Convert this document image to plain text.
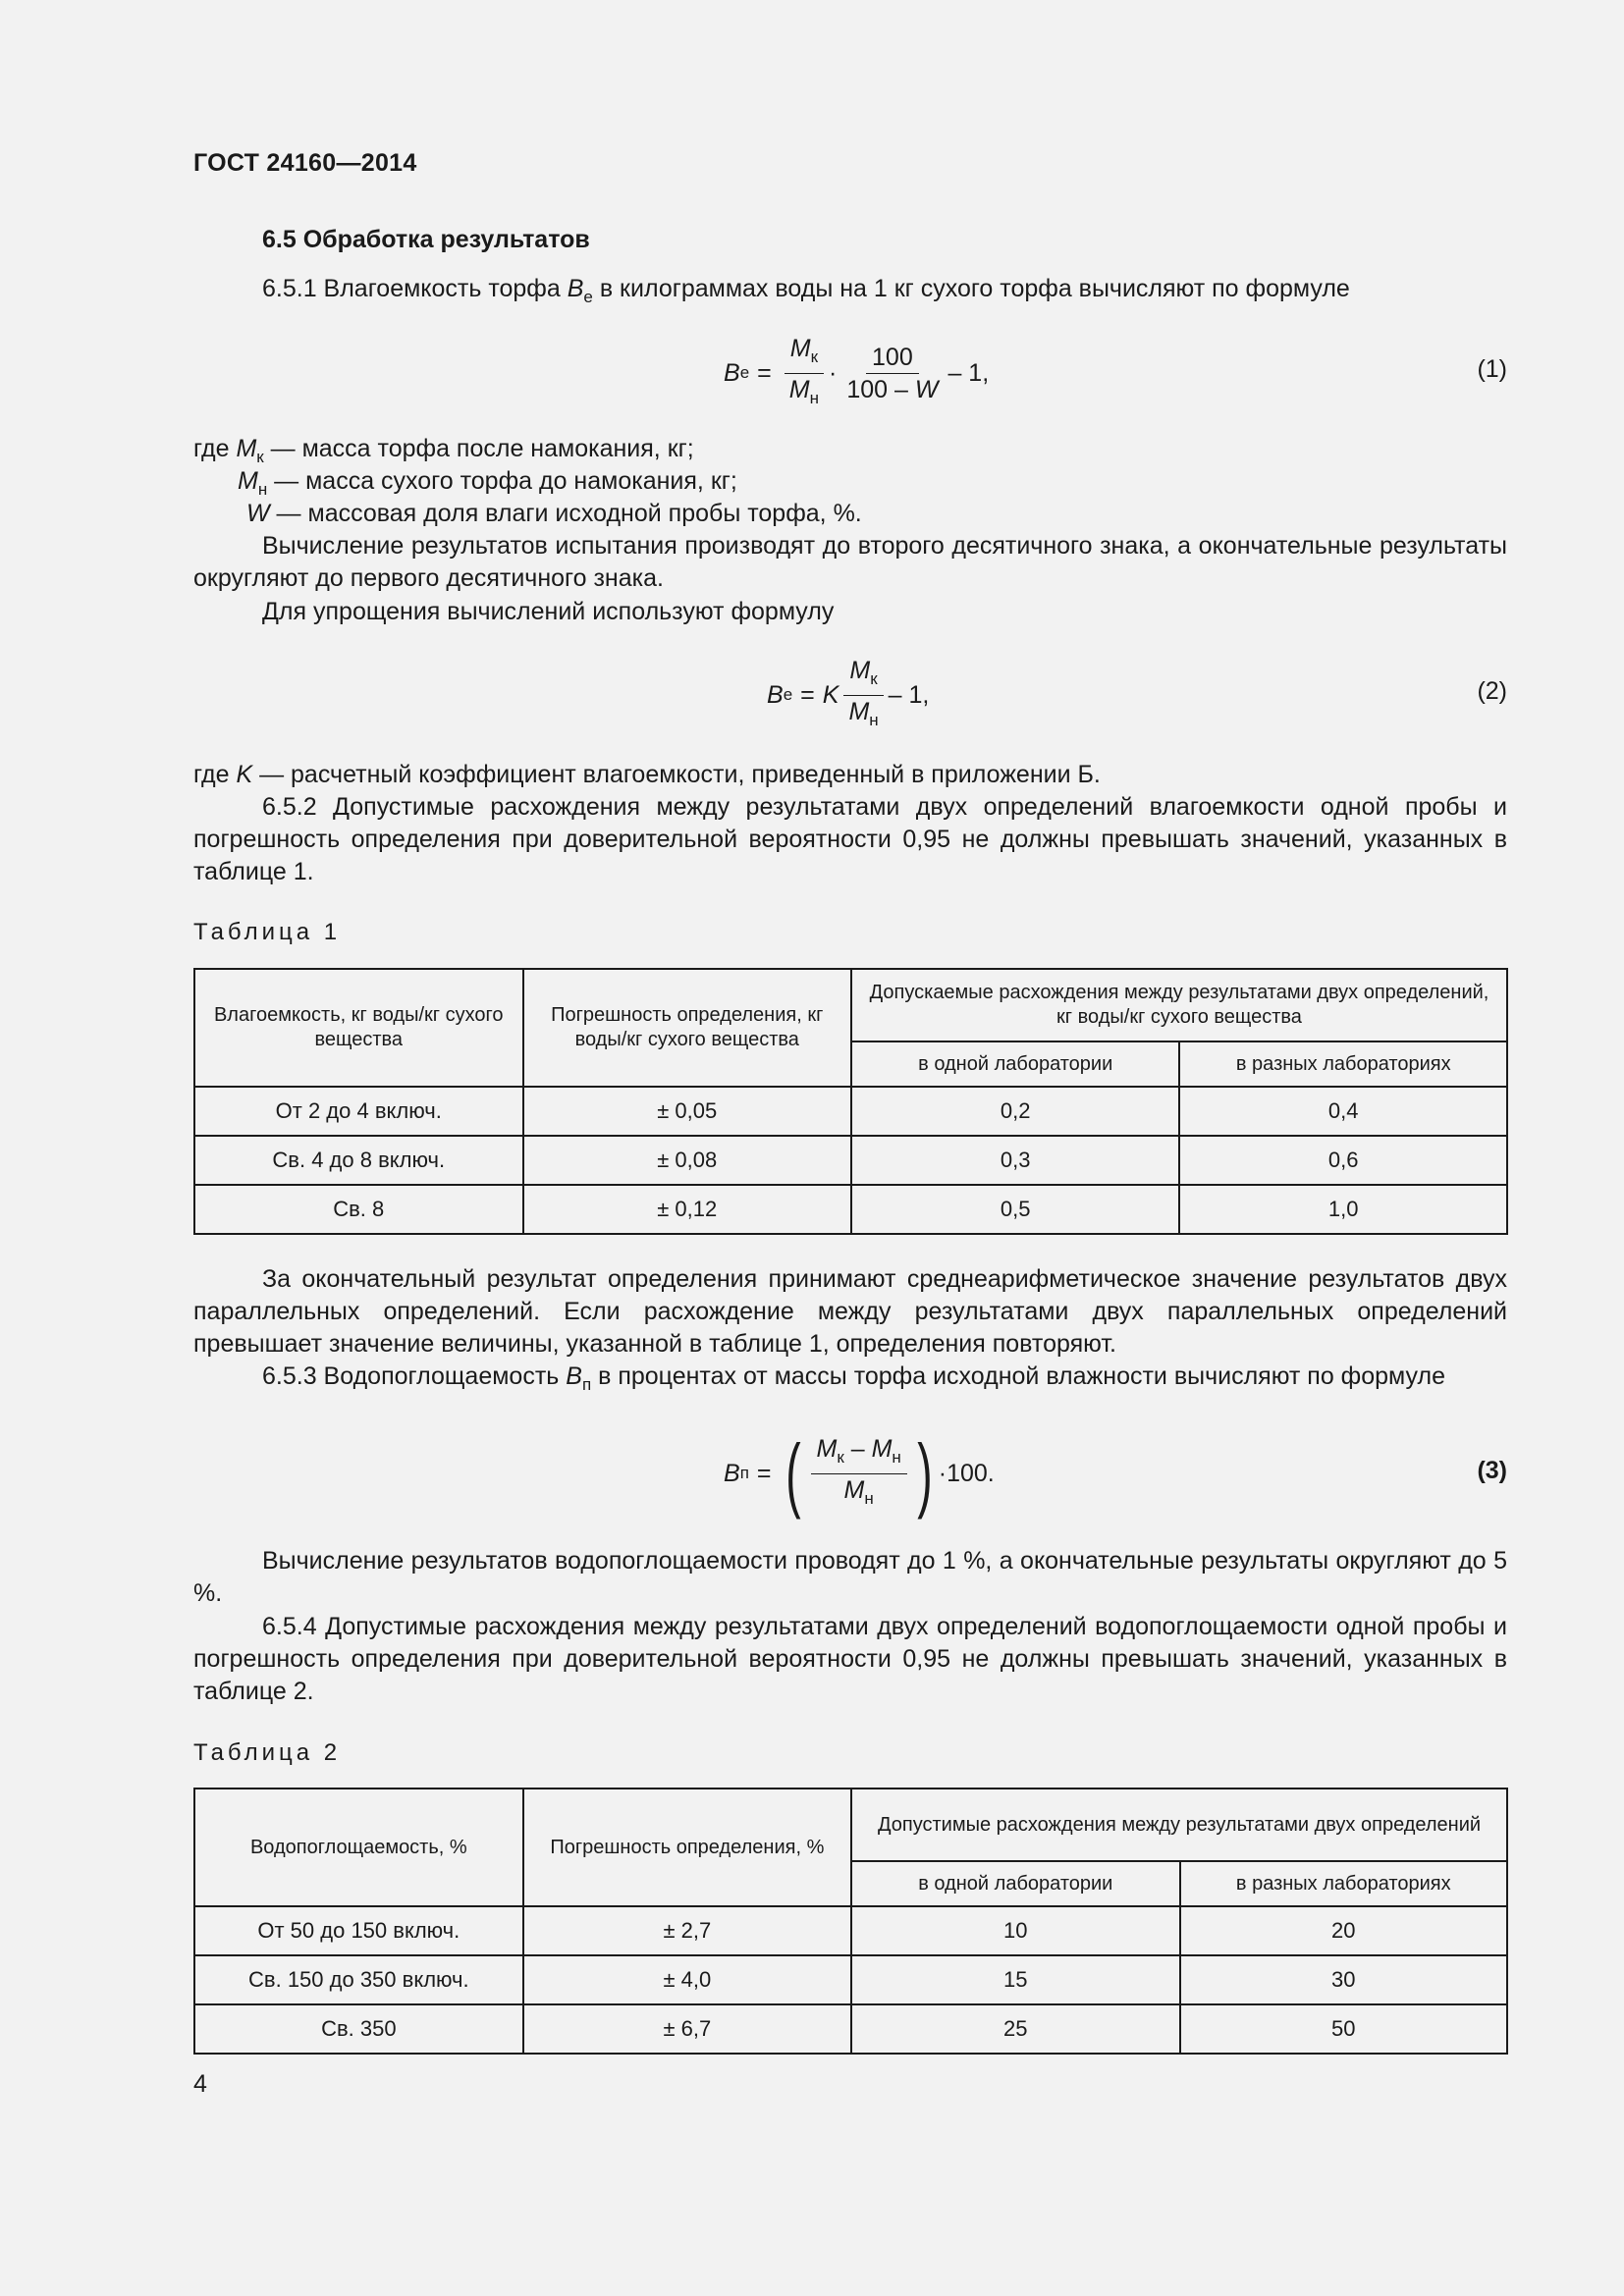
ГОСТ 24160—2014
6.5 Обработка результатов

6.5.1 Влагоемкость торфа $B_е$ в килограммах воды на 1 кг сухого торфа вычисляют по формуле

B $е = \frac{M_к}{M_н} \cdot \frac{100}{100 - W} - 1$,	(1)
где $M_к$ — масса торфа после намокания, кг;
$M_н$ — масса сухого торфа до намокания, кг;
W — массовая доля влаги исходной пробы торфа, %.

Вычисление результатов испытания производят до второго десятичного знака, а окончательные результаты округляют до первого десятичного знака.

Для упрощения вычислений используют формулу

B е = K $\frac{M_к}{M_н} - 1$,	(2)
где K — расчетный коэффициент влагоемкости, приведенный в приложении Б.

6.5.2 Допустимые расхождения между результатами двух определений влагоемкости одной пробы и погрешность определения при доверительной вероятности 0,95 не должны превышать значений, указанных в таблице 1.

Таблица 1
Влагоемкость, кг воды/кг сухого вещества	Погрешность определения, кг воды/кг сухого вещества	Допускаемые расхождения между результатами двух определений, кг воды/кг сухого вещества	
		в одной лаборатории	в разных лабораториях
От 2 до 4 включ.	± 0,05	0,2	0,4
Св. 4 до 8 включ.	± 0,08	0,3	0,6
Св. 8	± 0,12	0,5	1,0

За окончательный результат определения принимают среднеарифметическое значение результатов двух параллельных определений. Если расхождение между результатами двух параллельных определений превышает значение величины, указанной в таблице 1, определения повторяют.

6.5.3 Водопоглощаемость $B_п$ в процентах от массы торфа исходной влажности вычисляют по формуле

B п = ( $\frac{M_к - M_н}{M_н}$ ) ·100.	(3)

Вычисление результатов водопоглощаемости проводят до 1 %, а окончательные результаты округляют до 5 %.

6.5.4 Допустимые расхождения между результатами двух определений водопоглощаемости одной пробы и погрешность определения при доверительной вероятности 0,95 не должны превышать значений, указанных в таблице 2.

Таблица 2
Водопоглощаемость, %	Погрешность определения, %	Допустимые расхождения между результатами двух определений	
		в одной лаборатории	в разных лабораториях
От 50 до 150 включ.	± 2,7	10	20
Св. 150 до 350 включ.	± 4,0	15	30
Св. 350	± 6,7	25	50
4
